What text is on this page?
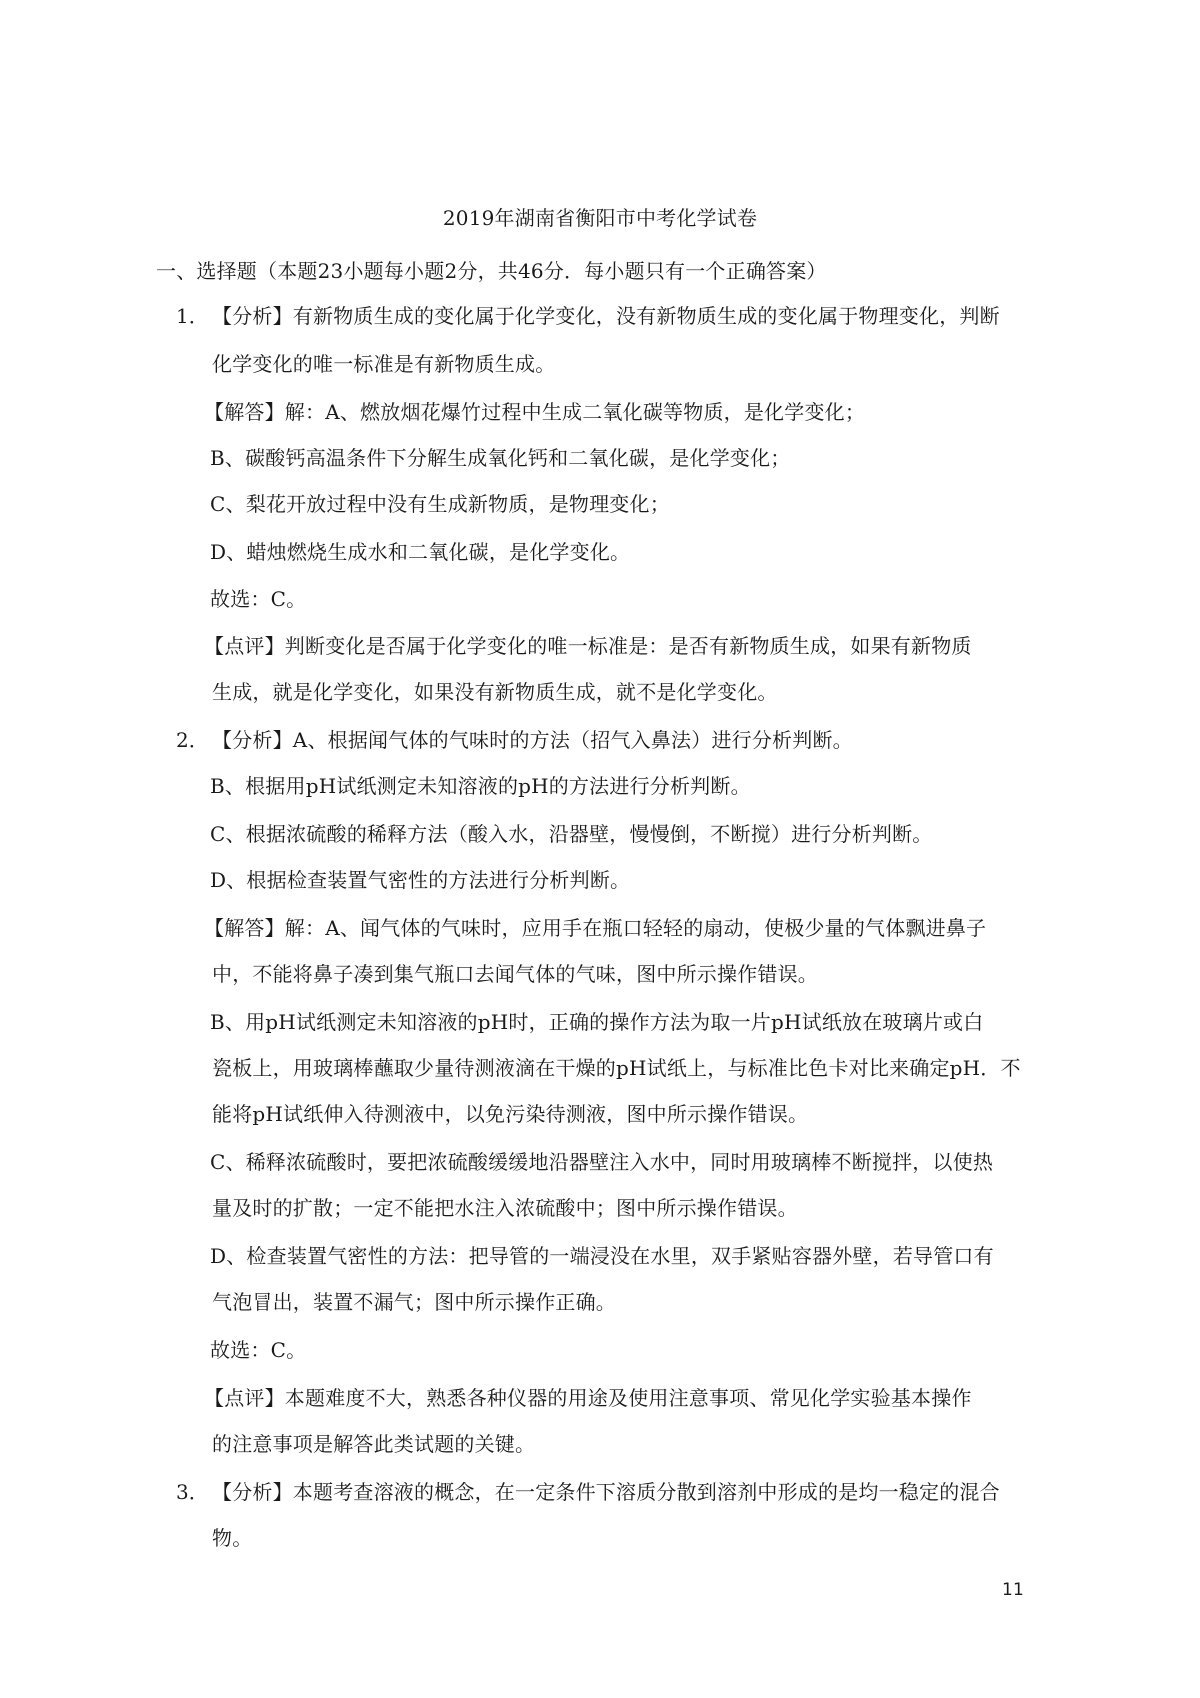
2019年湖南省衡阳市中考化学试卷
一、选择题（本题23小题每小题2分，共46分．每小题只有一个正确答案）
1． 【分析】有新物质生成的变化属于化学变化，没有新物质生成的变化属于物理变化，判断
化学变化的唯一标准是有新物质生成。
【解答】解：A、燃放烟花爆竹过程中生成二氧化碳等物质，是化学变化；
B、碳酸钙高温条件下分解生成氧化钙和二氧化碳，是化学变化；
C、梨花开放过程中没有生成新物质，是物理变化；
D、蜡烛燃烧生成水和二氧化碳，是化学变化。
故选：C。
【点评】判断变化是否属于化学变化的唯一标准是：是否有新物质生成，如果有新物质
生成，就是化学变化，如果没有新物质生成，就不是化学变化。
2． 【分析】A、根据闻气体的气味时的方法（招气入鼻法）进行分析判断。
B、根据用pH试纸测定未知溶液的pH的方法进行分析判断。
C、根据浓硫酸的稀释方法（酸入水，沿器壁，慢慢倒，不断搅）进行分析判断。
D、根据检查装置气密性的方法进行分析判断。
【解答】解：A、闻气体的气味时，应用手在瓶口轻轻的扇动，使极少量的气体飘进鼻子
中，不能将鼻子凑到集气瓶口去闻气体的气味，图中所示操作错误。
B、用pH试纸测定未知溶液的pH时，正确的操作方法为取一片pH试纸放在玻璃片或白
瓷板上，用玻璃棒蘸取少量待测液滴在干燥的pH试纸上，与标准比色卡对比来确定pH．不
能将pH试纸伸入待测液中，以免污染待测液，图中所示操作错误。
C、稀释浓硫酸时，要把浓硫酸缓缓地沿器壁注入水中，同时用玻璃棒不断搅拌，以使热
量及时的扩散；一定不能把水注入浓硫酸中；图中所示操作错误。
D、检查装置气密性的方法：把导管的一端浸没在水里，双手紧贴容器外壁，若导管口有
气泡冒出，装置不漏气；图中所示操作正确。
故选：C。
【点评】本题难度不大，熟悉各种仪器的用途及使用注意事项、常见化学实验基本操作
的注意事项是解答此类试题的关键。
3． 【分析】本题考查溶液的概念，在一定条件下溶质分散到溶剂中形成的是均一稳定的混合
物。
11
